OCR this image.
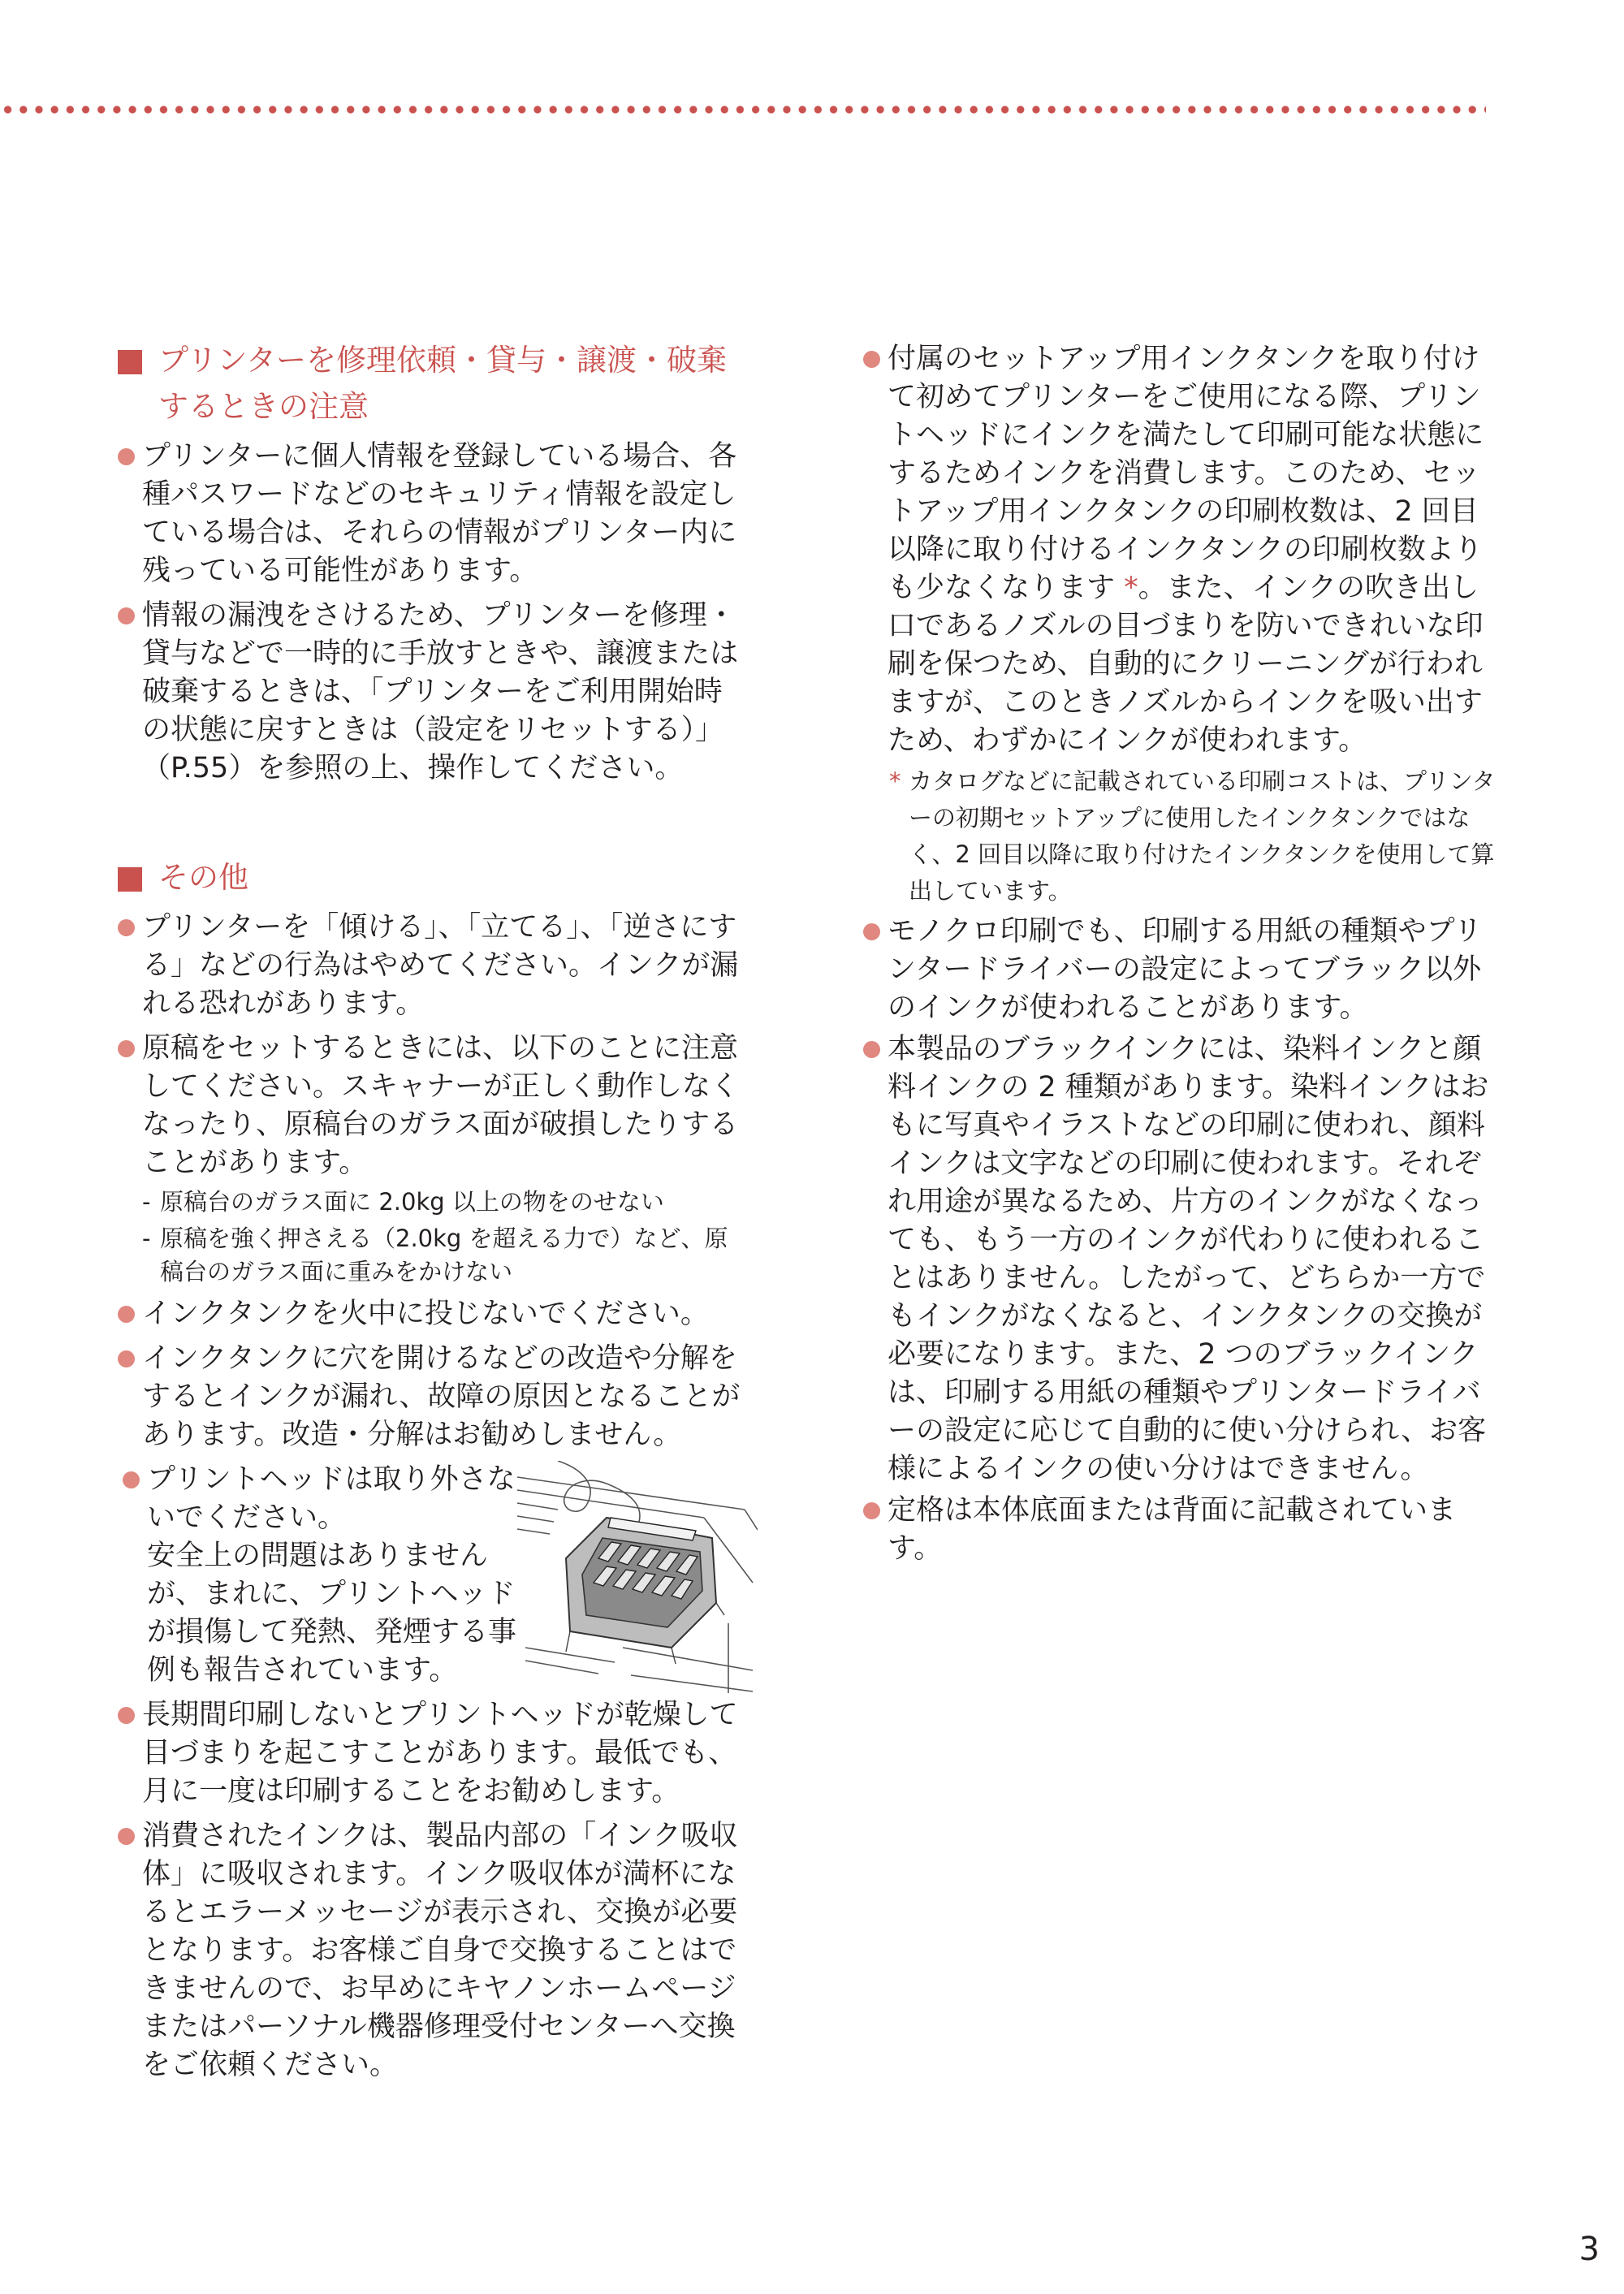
プリンターを修理依頼・貸与・譲渡・破棄するときの注意

プリンターに個人情報を登録している場合、各種パスワードなどのセキュリティ情報を設定している場合は、それらの情報がプリンター内に残っている可能性があります。

情報の漏洩をさけるため、プリンターを修理・貸与などで一時的に手放すときや、譲渡または破棄するときは、「プリンターをご利用開始時の状態に戻すときは（設定をリセットする）」（P.55）を参照の上、操作してください。

その他

プリンターを「傾ける」、「立てる」、「逆さにする」などの行為はやめてください。インクが漏れる恐れがあります。

原稿をセットするときには、以下のことに注意してください。スキャナーが正しく動作しなくなったり、原稿台のガラス面が破損したりすることがあります。

- 原稿台のガラス面に 2.0kg 以上の物をのせない

- 原稿を強く押さえる（2.0kg を超える力で）など、原稿台のガラス面に重みをかけない

インクタンクを火中に投じないでください。

インクタンクに穴を開けるなどの改造や分解をするとインクが漏れ、故障の原因となることがあります。改造・分解はお勧めしません。

プリントヘッドは取り外さないでください。
安全上の問題はありませんが、まれに、プリントヘッドが損傷して発熱、発煙する事例も報告されています。

長期間印刷しないとプリントヘッドが乾燥して目づまりを起こすことがあります。最低でも、月に一度は印刷することをお勧めします。

消費されたインクは、製品内部の「インク吸収体」に吸収されます。インク吸収体が満杯になるとエラーメッセージが表示され、交換が必要となります。お客様ご自身で交換することはできませんので、お早めにキヤノンホームページまたはパーソナル機器修理受付センターへ交換をご依頼ください。

付属のセットアップ用インクタンクを取り付けて初めてプリンターをご使用になる際、プリントヘッドにインクを満たして印刷可能な状態にするためインクを消費します。このため、セットアップ用インクタンクの印刷枚数は、2 回目以降に取り付けるインクタンクの印刷枚数よりも少なくなります *。また、インクの吹き出し口であるノズルの目づまりを防いできれいな印刷を保つため、自動的にクリーニングが行われますが、このときノズルからインクを吸い出すため、わずかにインクが使われます。

* カタログなどに記載されている印刷コストは、プリンターの初期セットアップに使用したインクタンクではなく、2 回目以降に取り付けたインクタンクを使用して算出しています。

モノクロ印刷でも、印刷する用紙の種類やプリンタードライバーの設定によってブラック以外のインクが使われることがあります。

本製品のブラックインクには、染料インクと顔料インクの 2 種類があります。染料インクはおもに写真やイラストなどの印刷に使われ、顔料インクは文字などの印刷に使われます。それぞれ用途が異なるため、片方のインクがなくなっても、もう一方のインクが代わりに使われることはありません。したがって、どちらか一方でもインクがなくなると、インクタンクの交換が必要になります。また、2 つのブラックインクは、印刷する用紙の種類やプリンタードライバーの設定に応じて自動的に使い分けられ、お客様によるインクの使い分けはできません。

定格は本体底面または背面に記載されています。

3
